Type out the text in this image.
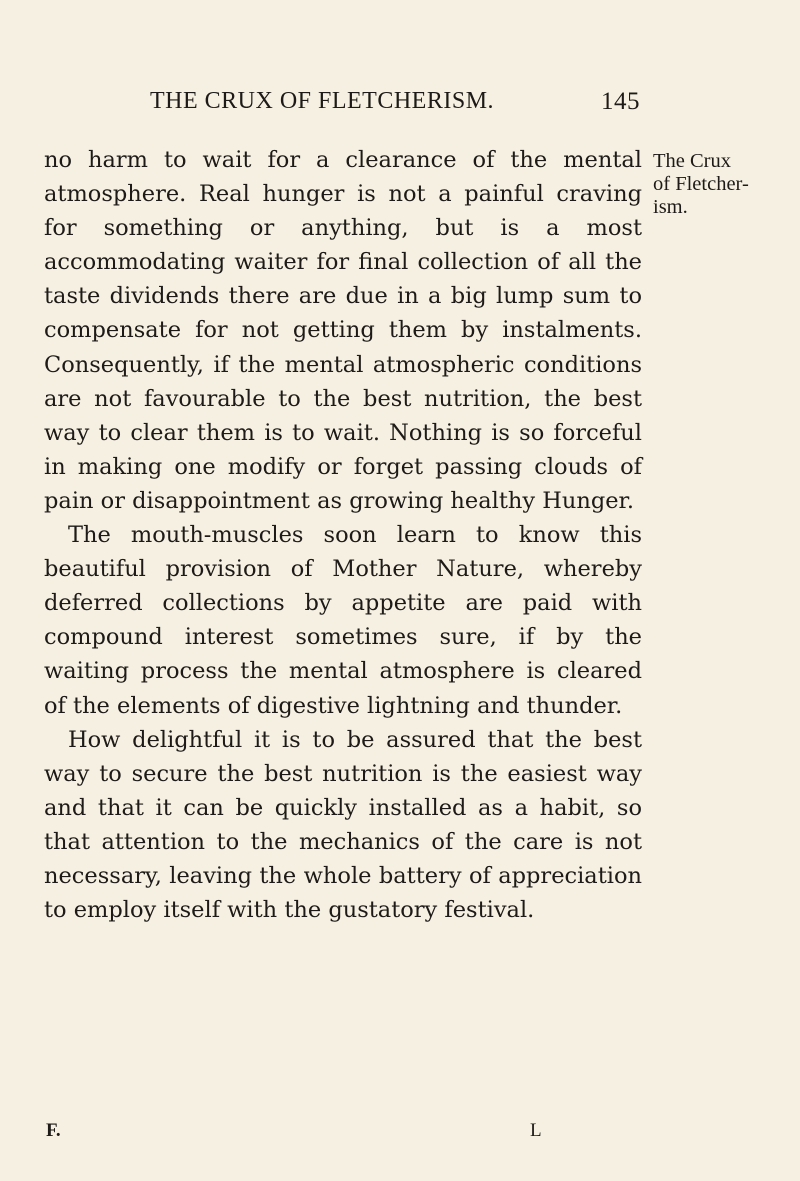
THE CRUX OF FLETCHERISM.	145

no harm to wait for a clearance of the mental atmosphere. Real hunger is not a painful craving for something or anything, but is a most accommodating waiter for final collection of all the taste dividends there are due in a big lump sum to compensate for not getting them by instalments. Consequently, if the mental atmospheric conditions are not favourable to the best nutrition, the best way to clear them is to wait. Nothing is so forceful in making one modify or forget passing clouds of pain or disappointment as growing healthy Hunger.

The mouth-muscles soon learn to know this beautiful provision of Mother Nature, whereby deferred collections by appetite are paid with compound interest sometimes sure, if by the waiting process the mental atmosphere is cleared of the elements of digestive lightning and thunder.

How delightful it is to be assured that the best way to secure the best nutrition is the easiest way and that it can be quickly installed as a habit, so that attention to the mechanics of the care is not necessary, leaving the whole battery of appreciation to employ itself with the gustatory festival.

The Crux
of Fletcher-
ism.
F.	L
